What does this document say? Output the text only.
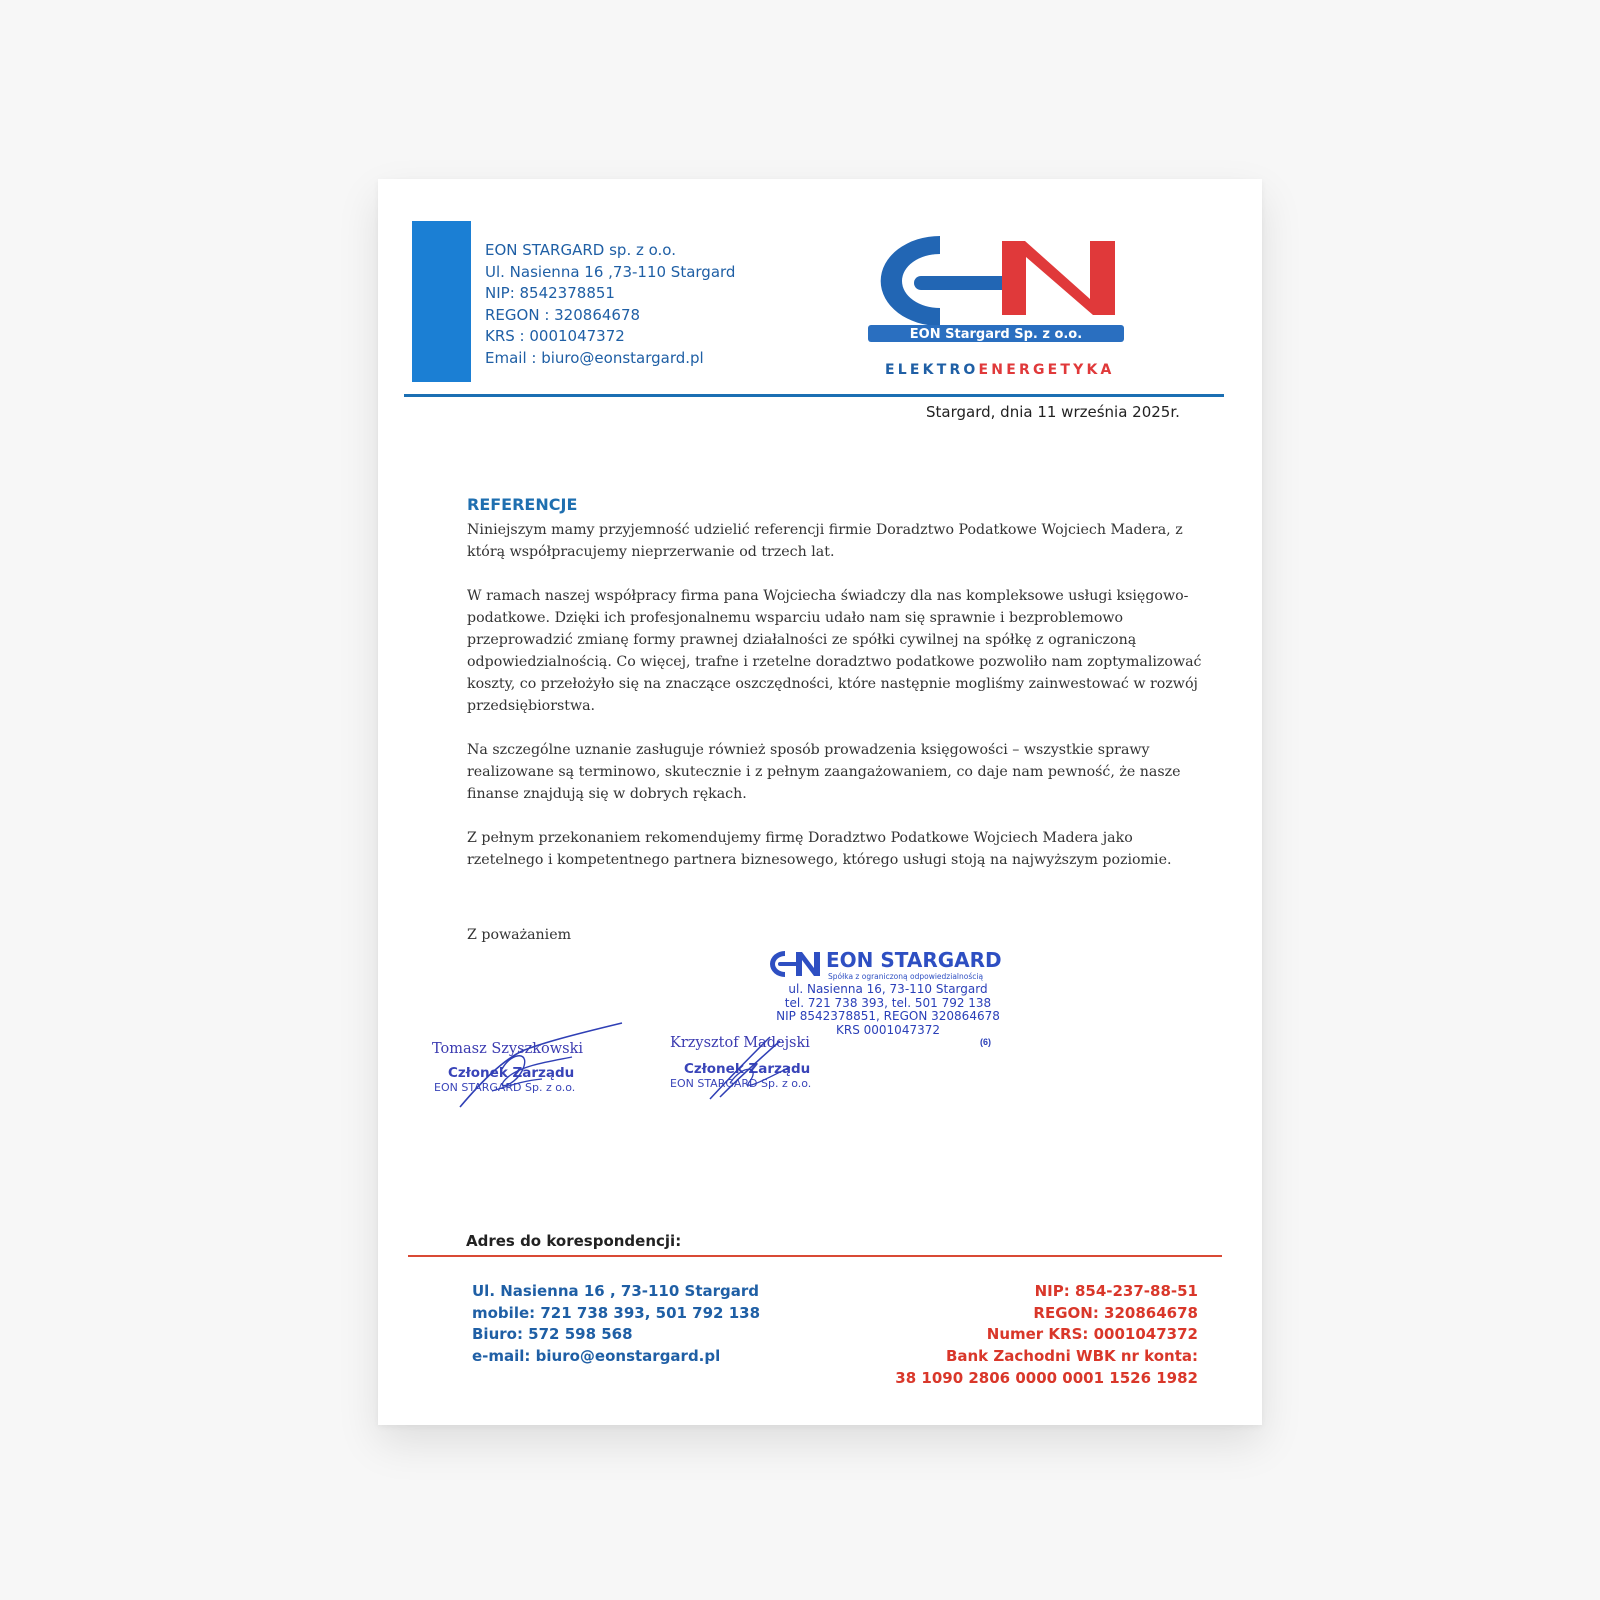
EON STARGARD sp. z o.o.
Ul. Nasienna 16 ,73-110 Stargard
NIP: 8542378851
REGON : 320864678
KRS : 0001047372
Email : biuro@eonstargard.pl
EON Stargard Sp. z o.o.
ELEKTROENERGETYKA
Stargard, dnia 11 września 2025r.
REFERENCJE

Niniejszym mamy przyjemność udzielić referencji firmie Doradztwo Podatkowe Wojciech Madera, z którą współpracujemy nieprzerwanie od trzech lat.

W ramach naszej współpracy firma pana Wojciecha świadczy dla nas kompleksowe usługi księgowo-podatkowe. Dzięki ich profesjonalnemu wsparciu udało nam się sprawnie i bezproblemowo przeprowadzić zmianę formy prawnej działalności ze spółki cywilnej na spółkę z ograniczoną odpowiedzialnością. Co więcej, trafne i rzetelne doradztwo podatkowe pozwoliło nam zoptymalizować koszty, co przełożyło się na znaczące oszczędności, które następnie mogliśmy zainwestować w rozwój przedsiębiorstwa.

Na szczególne uznanie zasługuje również sposób prowadzenia księgowości – wszystkie sprawy realizowane są terminowo, skutecznie i z pełnym zaangażowaniem, co daje nam pewność, że nasze finanse znajdują się w dobrych rękach.

Z pełnym przekonaniem rekomendujemy firmę Doradztwo Podatkowe Wojciech Madera jako rzetelnego i kompetentnego partnera biznesowego, którego usługi stoją na najwyższym poziomie.

Z poważaniem
EON STARGARD
Spółka z ograniczoną odpowiedzialnością
ul. Nasienna 16, 73-110 Stargard
tel. 721 738 393, tel. 501 792 138
NIP 8542378851, REGON 320864678
KRS 0001047372
(6)
Tomasz Szyszkowski
Członek Zarządu
EON STARGARD Sp. z o.o.
Krzysztof Madejski
Członek Zarządu
EON STARGARD Sp. z o.o.
Adres do korespondencji:
Ul. Nasienna 16 , 73-110 Stargard
mobile: 721 738 393, 501 792 138
Biuro: 572 598 568
e-mail: biuro@eonstargard.pl
NIP: 854-237-88-51
REGON: 320864678
Numer KRS: 0001047372
Bank Zachodni WBK nr konta:
38 1090 2806 0000 0001 1526 1982
